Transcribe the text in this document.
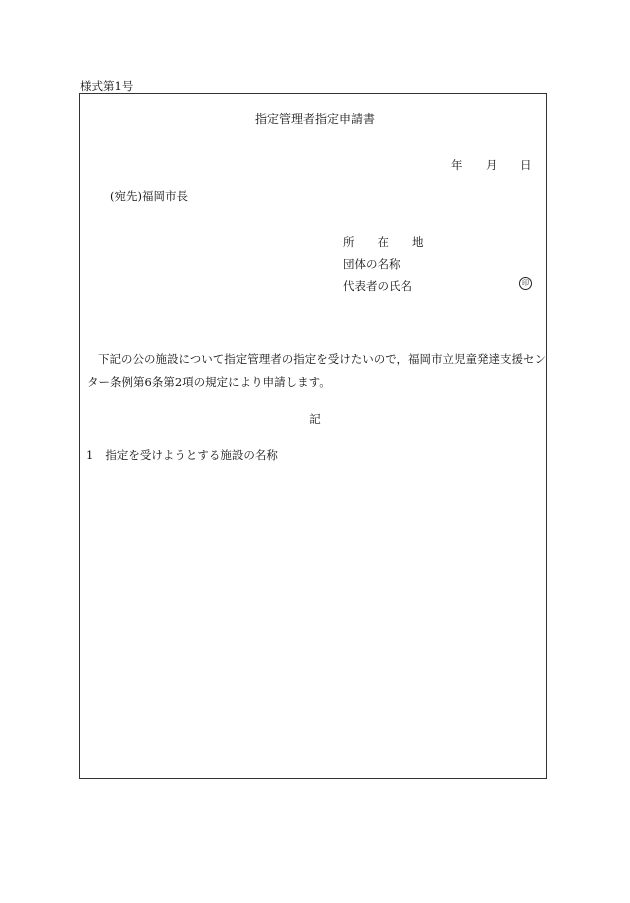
様式第1号
指定管理者指定申請書
年 月 日
(宛先)福岡市長
所 在 地
団体の名称
代表者の氏名	印
下記の公の施設について指定管理者の指定を受けたいので，福岡市立児童発達支援センター条例第6条第2項の規定により申請します。
記
1 指定を受けようとする施設の名称
